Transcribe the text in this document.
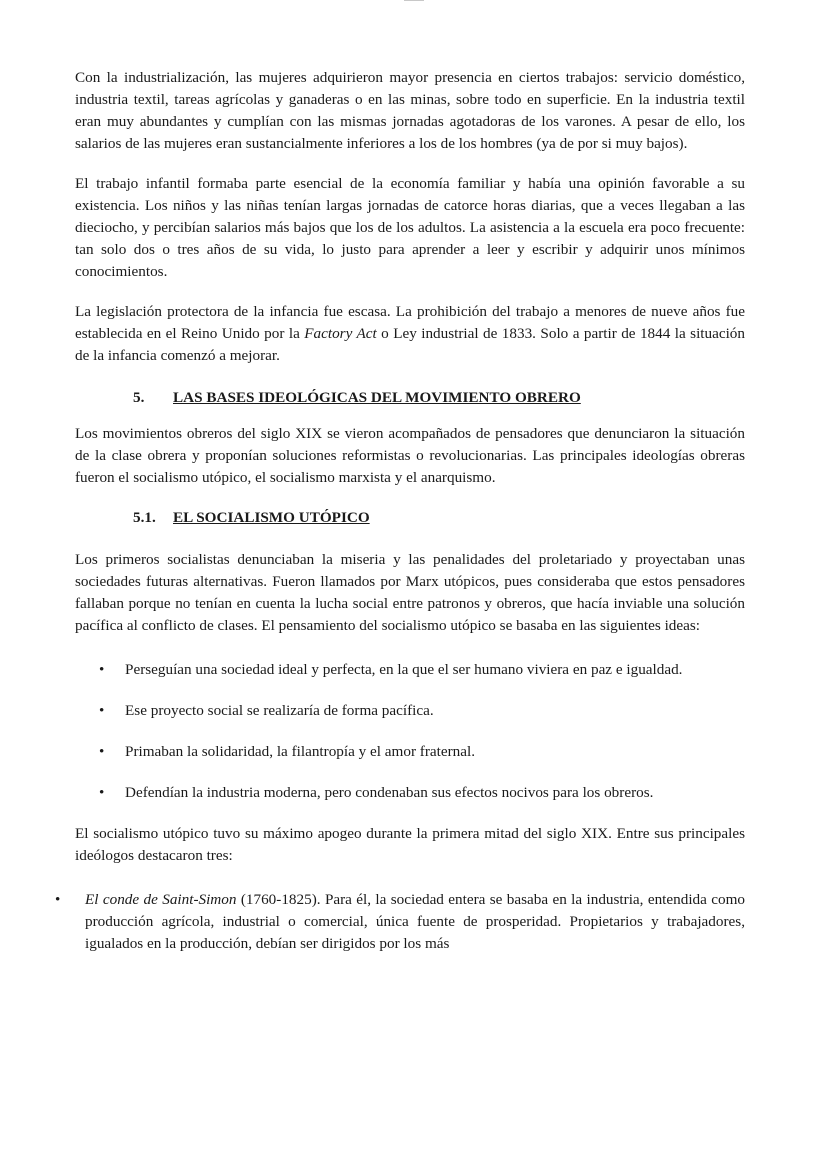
Con la industrialización, las mujeres adquirieron mayor presencia en ciertos trabajos: servicio doméstico, industria textil, tareas agrícolas y ganaderas o en las minas, sobre todo en superficie. En la industria textil eran muy abundantes y cumplían con las mismas jornadas agotadoras de los varones. A pesar de ello, los salarios de las mujeres eran sustancialmente inferiores a los de los hombres (ya de por si muy bajos).

El trabajo infantil formaba parte esencial de la economía familiar y había una opinión favorable a su existencia. Los niños y las niñas tenían largas jornadas de catorce horas diarias, que a veces llegaban a las dieciocho, y percibían salarios más bajos que los de los adultos. La asistencia a la escuela era poco frecuente: tan solo dos o tres años de su vida, lo justo para aprender a leer y escribir y adquirir unos mínimos conocimientos.

La legislación protectora de la infancia fue escasa. La prohibición del trabajo a menores de nueve años fue establecida en el Reino Unido por la Factory Act o Ley industrial de 1833. Solo a partir de 1844 la situación de la infancia comenzó a mejorar.

5. LAS BASES IDEOLÓGICAS DEL MOVIMIENTO OBRERO

Los movimientos obreros del siglo XIX se vieron acompañados de pensadores que denunciaron la situación de la clase obrera y proponían soluciones reformistas o revolucionarias. Las principales ideologías obreras fueron el socialismo utópico, el socialismo marxista y el anarquismo.

5.1. EL SOCIALISMO UTÓPICO

Los primeros socialistas denunciaban la miseria y las penalidades del proletariado y proyectaban unas sociedades futuras alternativas. Fueron llamados por Marx utópicos, pues consideraba que estos pensadores fallaban porque no tenían en cuenta la lucha social entre patronos y obreros, que hacía inviable una solución pacífica al conflicto de clases. El pensamiento del socialismo utópico se basaba en las siguientes ideas:

• Perseguían una sociedad ideal y perfecta, en la que el ser humano viviera en paz e igualdad.
• Ese proyecto social se realizaría de forma pacífica.
• Primaban la solidaridad, la filantropía y el amor fraternal.
• Defendían la industria moderna, pero condenaban sus efectos nocivos para los obreros.

El socialismo utópico tuvo su máximo apogeo durante la primera mitad del siglo XIX. Entre sus principales ideólogos destacaron tres:

• El conde de Saint-Simon (1760-1825). Para él, la sociedad entera se basaba en la industria, entendida como producción agrícola, industrial o comercial, única fuente de prosperidad. Propietarios y trabajadores, igualados en la producción, debían ser dirigidos por los más
